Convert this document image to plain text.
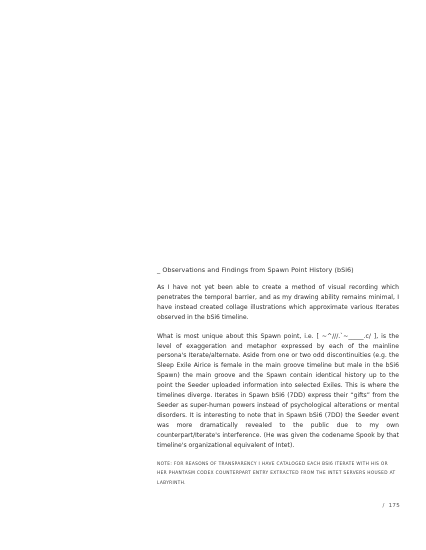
_ Observations and Findings from Spawn Point History (bSi6)

As I have not yet been able to create a method of visual recording which penetrates the temporal barrier, and as my drawing ability remains minimal, I have instead created collage illustrations which approximate various Iterates observed in the bSi6 timeline.

What is most unique about this Spawn point, i.e. [ ~^///.`~_____.c/ ], is the level of exaggeration and metaphor expressed by each of the mainline persona's Iterate/alternate. Aside from one or two odd discontinuities (e.g. the Sleep Exile Airice is female in the main groove timeline but male in the bSi6 Spawn) the main groove and the Spawn contain identical history up to the point the Seeder uploaded information into selected Exiles. This is where the timelines diverge. Iterates in Spawn bSi6 (7DD) express their “gifts” from the Seeder as super-human powers instead of psychological alterations or mental disorders. It is interesting to note that in Spawn bSi6 (7DD) the Seeder event was more dramatically revealed to the public due to my own counterpart/Iterate's interference. (He was given the codename Spook by that timeline's organizational equivalent of Intet).

NOTE: FOR REASONS OF TRANSPARENCY I HAVE CATALOGED EACH BSI6 ITERATE WITH HIS OR HER PHANTASM CODEX COUNTERPART ENTRY EXTRACTED FROM THE INTET SERVERS HOUSED AT LABYRINTH.

/ 175
